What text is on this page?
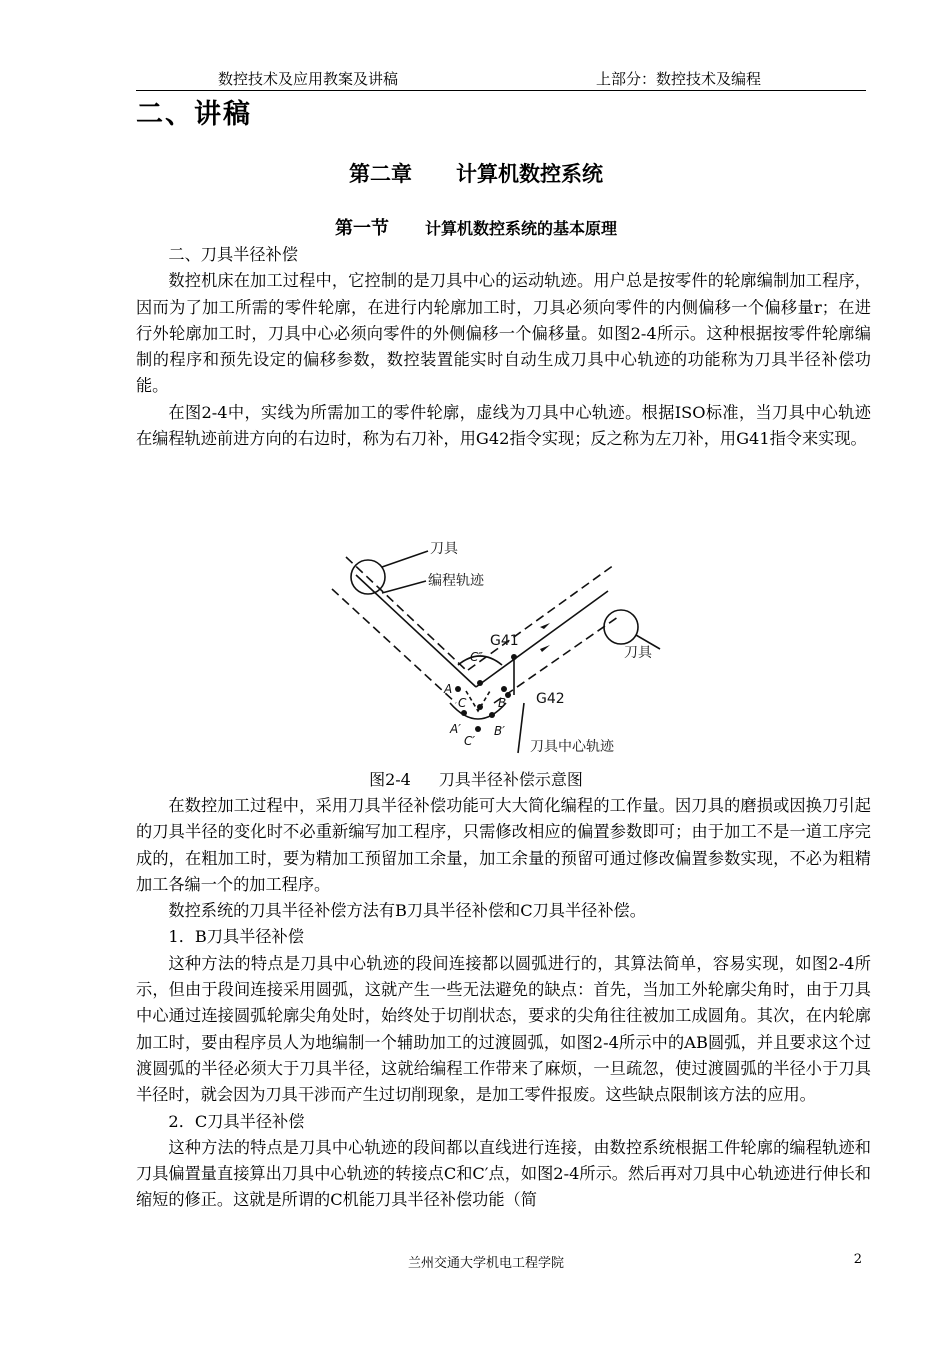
数控技术及应用教案及讲稿	上部分：数控技术及编程
二、讲稿
第二章 计算机数控系统
第一节 计算机数控系统的基本原理

二、刀具半径补偿

数控机床在加工过程中，它控制的是刀具中心的运动轨迹。用户总是按零件的轮廓编制加工程序，因而为了加工所需的零件轮廓，在进行内轮廓加工时，刀具必须向零件的内侧偏移一个偏移量r；在进行外轮廓加工时，刀具中心必须向零件的外侧偏移一个偏移量。如图2-4所示。这种根据按零件轮廓编制的程序和预先设定的偏移参数，数控装置能实时自动生成刀具中心轨迹的功能称为刀具半径补偿功能。

在图2-4中，实线为所需加工的零件轮廓，虚线为刀具中心轨迹。根据ISO标准，当刀具中心轨迹在编程轨迹前进方向的右边时，称为右刀补，用G42指令实现；反之称为左刀补，用G41指令来实现。

刀具
编程轨迹
G41
刀具
G42
刀具中心轨迹
A
B
C
C″
A′	B′
C′
图2-4 刀具半径补偿示意图

在数控加工过程中，采用刀具半径补偿功能可大大简化编程的工作量。因刀具的磨损或因换刀引起的刀具半径的变化时不必重新编写加工程序，只需修改相应的偏置参数即可；由于加工不是一道工序完成的，在粗加工时，要为精加工预留加工余量，加工余量的预留可通过修改偏置参数实现，不必为粗精加工各编一个的加工程序。

数控系统的刀具半径补偿方法有B刀具半径补偿和C刀具半径补偿。

1．B刀具半径补偿

这种方法的特点是刀具中心轨迹的段间连接都以圆弧进行的，其算法简单，容易实现，如图2-4所示，但由于段间连接采用圆弧，这就产生一些无法避免的缺点：首先，当加工外轮廓尖角时，由于刀具中心通过连接圆弧轮廓尖角处时，始终处于切削状态，要求的尖角往往被加工成圆角。其次，在内轮廓加工时，要由程序员人为地编制一个辅助加工的过渡圆弧，如图2-4所示中的AB圆弧，并且要求这个过渡圆弧的半径必须大于刀具半径，这就给编程工作带来了麻烦，一旦疏忽，使过渡圆弧的半径小于刀具半径时，就会因为刀具干涉而产生过切削现象，是加工零件报废。这些缺点限制该方法的应用。

2．C刀具半径补偿

这种方法的特点是刀具中心轨迹的段间都以直线进行连接，由数控系统根据工件轮廓的编程轨迹和刀具偏置量直接算出刀具中心轨迹的转接点C和C′点，如图2-4所示。然后再对刀具中心轨迹进行伸长和缩短的修正。这就是所谓的C机能刀具半径补偿功能（简

兰州交通大学机电工程学院	2
